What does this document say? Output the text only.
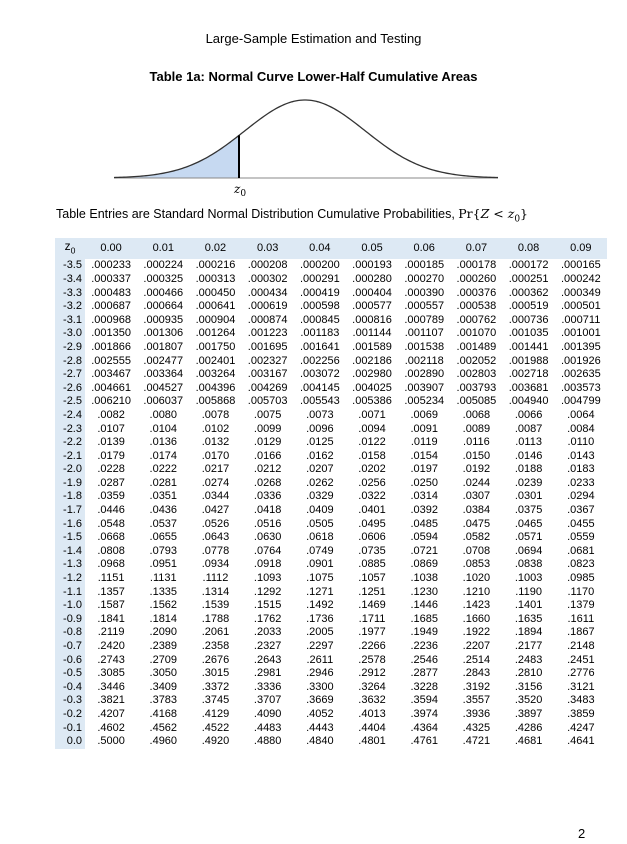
Large-Sample Estimation and Testing
Table 1a: Normal Curve Lower-Half Cumulative Areas
$z_0$
Table Entries are Standard Normal Distribution Cumulative Probabilities, $Pr\{Z < z_0\}$
$z_0$	0.00	0.01	0.02	0.03	0.04	0.05	0.06	0.07	0.08	0.09
-3.5	.000233	.000224	.000216	.000208	.000200	.000193	.000185	.000178	.000172	.000165
-3.4	.000337	.000325	.000313	.000302	.000291	.000280	.000270	.000260	.000251	.000242
-3.3	.000483	.000466	.000450	.000434	.000419	.000404	.000390	.000376	.000362	.000349
-3.2	.000687	.000664	.000641	.000619	.000598	.000577	.000557	.000538	.000519	.000501
-3.1	.000968	.000935	.000904	.000874	.000845	.000816	.000789	.000762	.000736	.000711
-3.0	.001350	.001306	.001264	.001223	.001183	.001144	.001107	.001070	.001035	.001001
-2.9	.001866	.001807	.001750	.001695	.001641	.001589	.001538	.001489	.001441	.001395
-2.8	.002555	.002477	.002401	.002327	.002256	.002186	.002118	.002052	.001988	.001926
-2.7	.003467	.003364	.003264	.003167	.003072	.002980	.002890	.002803	.002718	.002635
-2.6	.004661	.004527	.004396	.004269	.004145	.004025	.003907	.003793	.003681	.003573
-2.5	.006210	.006037	.005868	.005703	.005543	.005386	.005234	.005085	.004940	.004799
-2.4	.0082	.0080	.0078	.0075	.0073	.0071	.0069	.0068	.0066	.0064
-2.3	.0107	.0104	.0102	.0099	.0096	.0094	.0091	.0089	.0087	.0084
-2.2	.0139	.0136	.0132	.0129	.0125	.0122	.0119	.0116	.0113	.0110
-2.1	.0179	.0174	.0170	.0166	.0162	.0158	.0154	.0150	.0146	.0143
-2.0	.0228	.0222	.0217	.0212	.0207	.0202	.0197	.0192	.0188	.0183
-1.9	.0287	.0281	.0274	.0268	.0262	.0256	.0250	.0244	.0239	.0233
-1.8	.0359	.0351	.0344	.0336	.0329	.0322	.0314	.0307	.0301	.0294
-1.7	.0446	.0436	.0427	.0418	.0409	.0401	.0392	.0384	.0375	.0367
-1.6	.0548	.0537	.0526	.0516	.0505	.0495	.0485	.0475	.0465	.0455
-1.5	.0668	.0655	.0643	.0630	.0618	.0606	.0594	.0582	.0571	.0559
-1.4	.0808	.0793	.0778	.0764	.0749	.0735	.0721	.0708	.0694	.0681
-1.3	.0968	.0951	.0934	.0918	.0901	.0885	.0869	.0853	.0838	.0823
-1.2	.1151	.1131	.1112	.1093	.1075	.1057	.1038	.1020	.1003	.0985
-1.1	.1357	.1335	.1314	.1292	.1271	.1251	.1230	.1210	.1190	.1170
-1.0	.1587	.1562	.1539	.1515	.1492	.1469	.1446	.1423	.1401	.1379
-0.9	.1841	.1814	.1788	.1762	.1736	.1711	.1685	.1660	.1635	.1611
-0.8	.2119	.2090	.2061	.2033	.2005	.1977	.1949	.1922	.1894	.1867
-0.7	.2420	.2389	.2358	.2327	.2297	.2266	.2236	.2207	.2177	.2148
-0.6	.2743	.2709	.2676	.2643	.2611	.2578	.2546	.2514	.2483	.2451
-0.5	.3085	.3050	.3015	.2981	.2946	.2912	.2877	.2843	.2810	.2776
-0.4	.3446	.3409	.3372	.3336	.3300	.3264	.3228	.3192	.3156	.3121
-0.3	.3821	.3783	.3745	.3707	.3669	.3632	.3594	.3557	.3520	.3483
-0.2	.4207	.4168	.4129	.4090	.4052	.4013	.3974	.3936	.3897	.3859
-0.1	.4602	.4562	.4522	.4483	.4443	.4404	.4364	.4325	.4286	.4247
0.0	.5000	.4960	.4920	.4880	.4840	.4801	.4761	.4721	.4681	.4641
2
